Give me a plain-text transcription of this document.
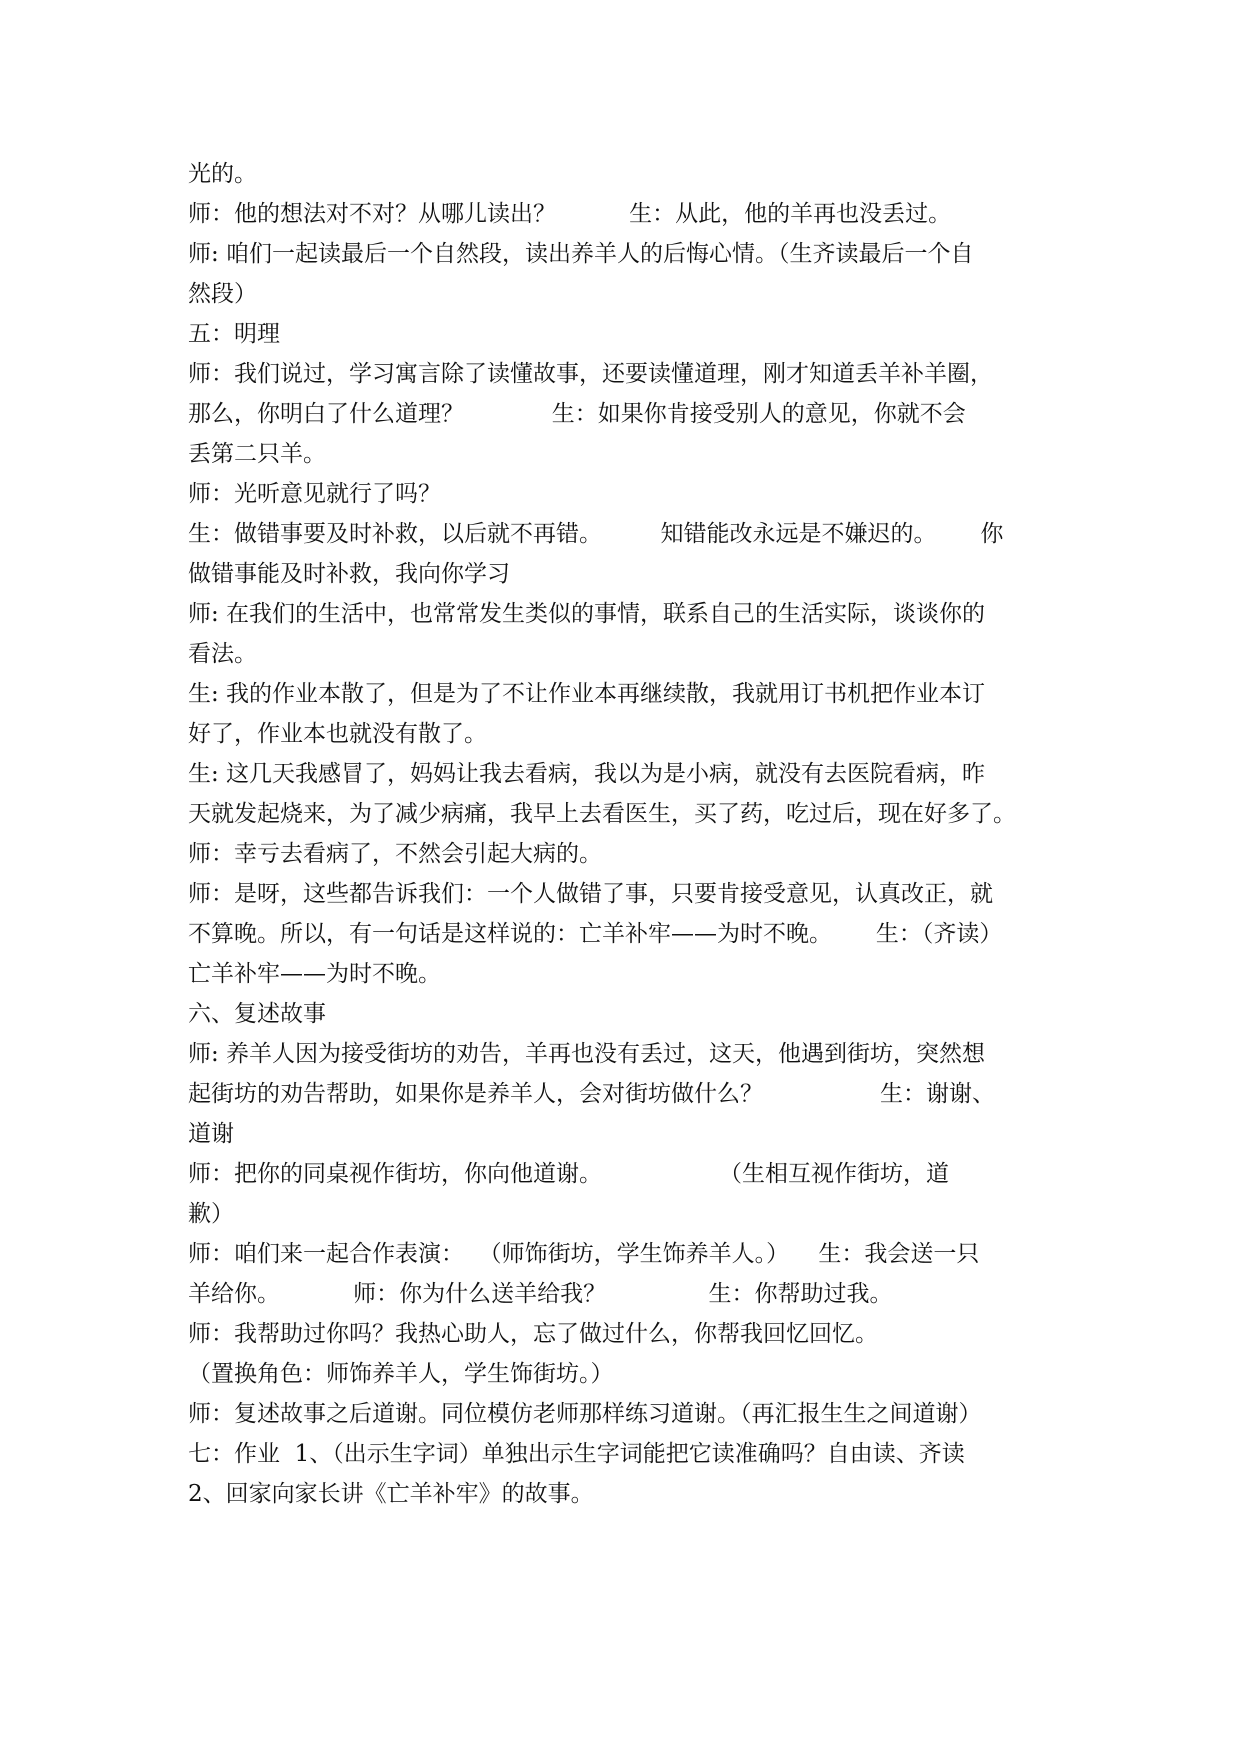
光的。
师：他的想法对不对？从哪儿读出？          生：从此，他的羊再也没丢过。
师: 咱们一起读最后一个自然段，读出养羊人的后悔心情。（生齐读最后一个自
然段）
五：明理
师：我们说过，学习寓言除了读懂故事，还要读懂道理，刚才知道丢羊补羊圈，
那么，你明白了什么道理？            生：如果你肯接受别人的意见，你就不会
丢第二只羊。
师：光听意见就行了吗？
生：做错事要及时补救，以后就不再错。        知错能改永远是不嫌迟的。      你
做错事能及时补救，我向你学习
师: 在我们的生活中，也常常发生类似的事情，联系自己的生活实际，谈谈你的
看法。
生: 我的作业本散了，但是为了不让作业本再继续散，我就用订书机把作业本订
好了，作业本也就没有散了。
生: 这几天我感冒了，妈妈让我去看病，我以为是小病，就没有去医院看病，昨
天就发起烧来，为了减少病痛，我早上去看医生，买了药，吃过后，现在好多了。
师：幸亏去看病了，不然会引起大病的。
师：是呀，这些都告诉我们：一个人做错了事，只要肯接受意见，认真改正，就
不算晚。所以，有一句话是这样说的：亡羊补牢——为时不晚。      生：（齐读）
亡羊补牢——为时不晚。
六、复述故事
师: 养羊人因为接受街坊的劝告，羊再也没有丢过，这天，他遇到街坊，突然想
起街坊的劝告帮助，如果你是养羊人，会对街坊做什么？                生：谢谢、
道谢
师：把你的同桌视作街坊，你向他道谢。                （生相互视作街坊，道
歉）
师：咱们来一起合作表演：  （师饰街坊，学生饰养羊人。）    生：我会送一只
羊给你。          师：你为什么送羊给我？              生：你帮助过我。
师：我帮助过你吗？我热心助人，忘了做过什么，你帮我回忆回忆。
（置换角色：师饰养羊人，学生饰街坊。）
师：复述故事之后道谢。同位模仿老师那样练习道谢。（再汇报生生之间道谢）
七：作业  1、（出示生字词）单独出示生字词能把它读准确吗？自由读、齐读
2、回家向家长讲《亡羊补牢》的故事。
